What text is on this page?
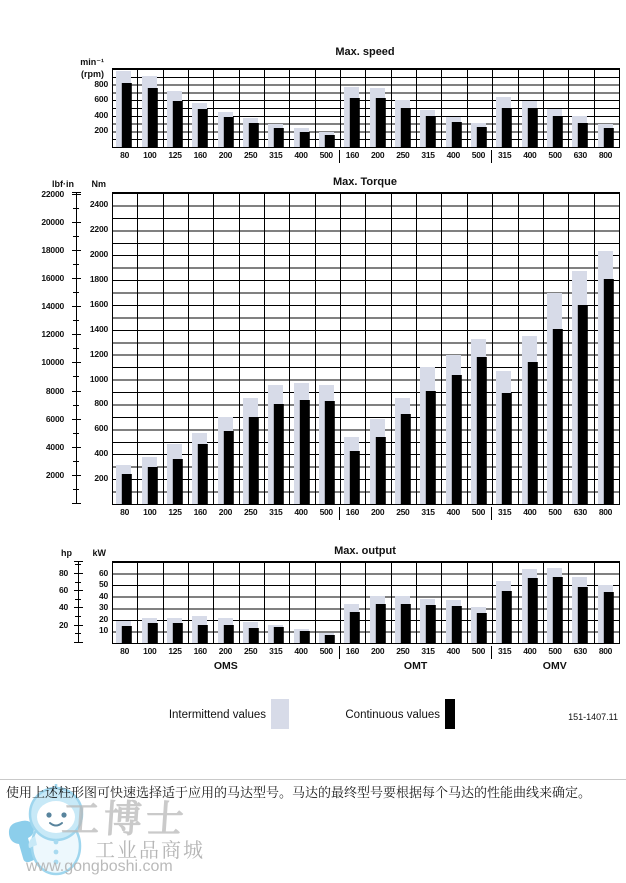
Max. speed
80	100	125	160	200	250	315	400	500	160	200	250	315	400	500	315	400	500	630	800
200
400
600
800
min⁻¹
(rpm)
Max. Torque
80	100	125	160	200	250	315	400	500	160	200	250	315	400	500	315	400	500	630	800
200
400
600
800
1000
1200
1400
1600
1800
2000
2200
2400
lbf·in	Nm
2000
4000
6000
8000
10000
12000
14000
16000
18000
20000
22000
Max. output
80	100	125	160	200	250	315	400	500	160	200	250	315	400	500	315	400	500	630	800
10
20
30
40
50
60
hp	kW
20
40
60
80
OMS	OMT	OMV
Intermittend values	Continuous values	151-1407.11
工博士
工业品商城
www.gongboshi.com

使用上述柱形图可快速选择适于应用的马达型号。马达的最终型号要根据每个马达的性能曲线来确定。
